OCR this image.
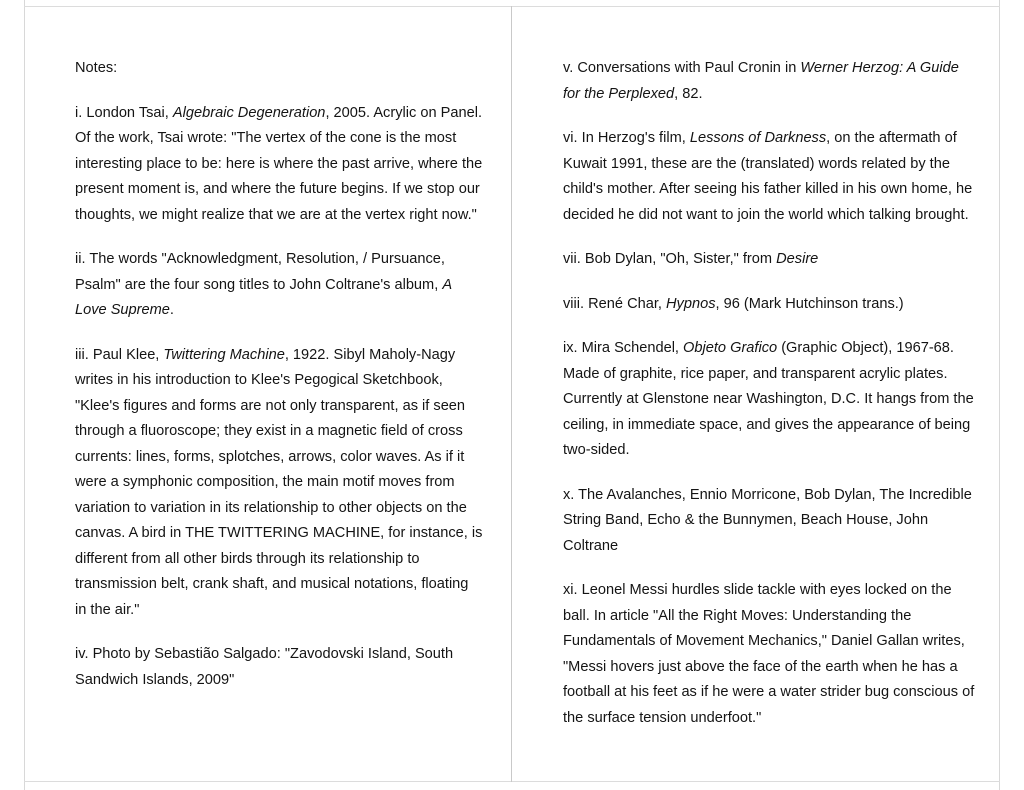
Notes:

i. London Tsai, Algebraic Degeneration, 2005. Acrylic on Panel. Of the work, Tsai wrote: "The vertex of the cone is the most interesting place to be: here is where the past arrive, where the present moment is, and where the future begins. If we stop our thoughts, we might realize that we are at the vertex right now."

ii. The words "Acknowledgment, Resolution, / Pursuance, Psalm" are the four song titles to John Coltrane's album, A Love Supreme.

iii. Paul Klee, Twittering Machine, 1922. Sibyl Maholy-Nagy writes in his introduction to Klee's Pegogical Sketchbook, "Klee's figures and forms are not only transparent, as if seen through a fluoroscope; they exist in a magnetic field of cross currents: lines, forms, splotches, arrows, color waves. As if it were a symphonic composition, the main motif moves from variation to variation in its relationship to other objects on the canvas. A bird in THE TWITTERING MACHINE, for instance, is different from all other birds through its relationship to transmission belt, crank shaft, and musical notations, floating in the air."

iv. Photo by Sebastião Salgado: "Zavodovski Island, South Sandwich Islands, 2009"

v. Conversations with Paul Cronin in Werner Herzog: A Guide for the Perplexed, 82.

vi. In Herzog's film, Lessons of Darkness, on the aftermath of Kuwait 1991, these are the (translated) words related by the child's mother. After seeing his father killed in his own home, he decided he did not want to join the world which talking brought.

vii. Bob Dylan, "Oh, Sister," from Desire

viii. René Char, Hypnos, 96 (Mark Hutchinson trans.)

ix. Mira Schendel, Objeto Grafico (Graphic Object), 1967-68. Made of graphite, rice paper, and transparent acrylic plates. Currently at Glenstone near Washington, D.C. It hangs from the ceiling, in immediate space, and gives the appearance of being two-sided.

x. The Avalanches, Ennio Morricone, Bob Dylan, The Incredible String Band, Echo & the Bunnymen, Beach House, John Coltrane

xi. Leonel Messi hurdles slide tackle with eyes locked on the ball. In article "All the Right Moves: Understanding the Fundamentals of Movement Mechanics," Daniel Gallan writes, "Messi hovers just above the face of the earth when he has a football at his feet as if he were a water strider bug conscious of the surface tension underfoot."
